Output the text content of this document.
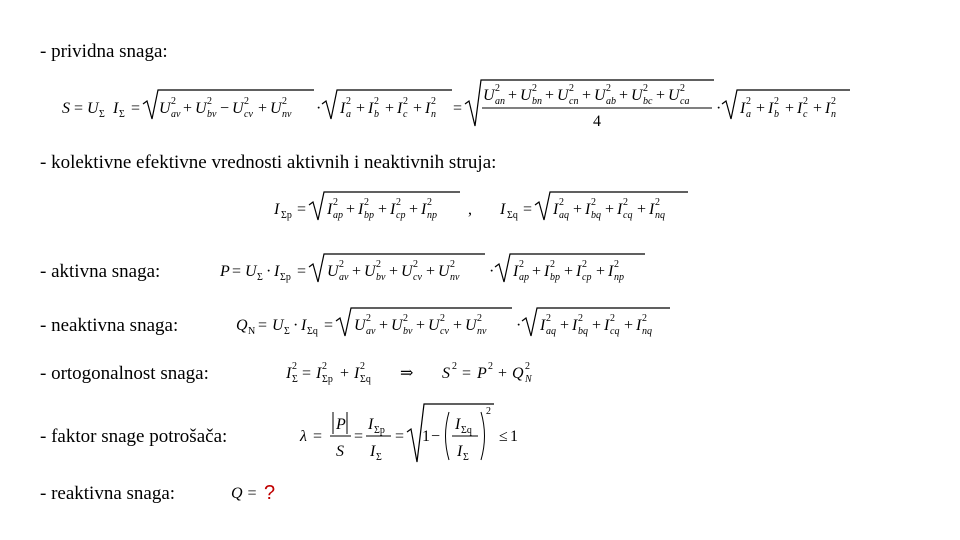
- prividna snaga:
- kolektivne efektivne vrednosti aktivnih i neaktivnih struja:
- aktivna snaga:
- neaktivna snaga:
- ortogonalnost snaga:
- faktor snage potrošača:
- reaktivna snaga:
S = U Σ I Σ = U 2
av + U 2
bv − U 2
cv + U 2
nv · I 2
a + I 2
b + I 2
c + I 2
n =
U 2
an + U 2
bn + U 2
cn + U 2
ab + U 2
bc + U 2
ca
4
· I 2
a + I 2
b + I 2
c + I 2
n
I Σp = I 2
ap + I 2
bp + I 2
cp + I 2
np , I Σq = I 2
aq + I 2
bq + I 2
cq + I 2
nq
P = U Σ · I Σp = U 2
av + U 2
bv + U 2
cv + U 2
nv · I 2
ap + I 2
bp + I 2
cp + I 2
np
Q N = U Σ · I Σq = U 2
av + U 2
bv + U 2
cv + U 2
nv · I 2
aq + I 2
bq + I 2
cq + I 2
nq
I 2
Σ = I 2
Σp + I 2
Σq ⇒ S 2 = P 2 + Q 2
N
λ =
P
S
=
I Σp
I Σ
= 1 −
I Σq
I Σ
2
≤ 1
Q = ?
